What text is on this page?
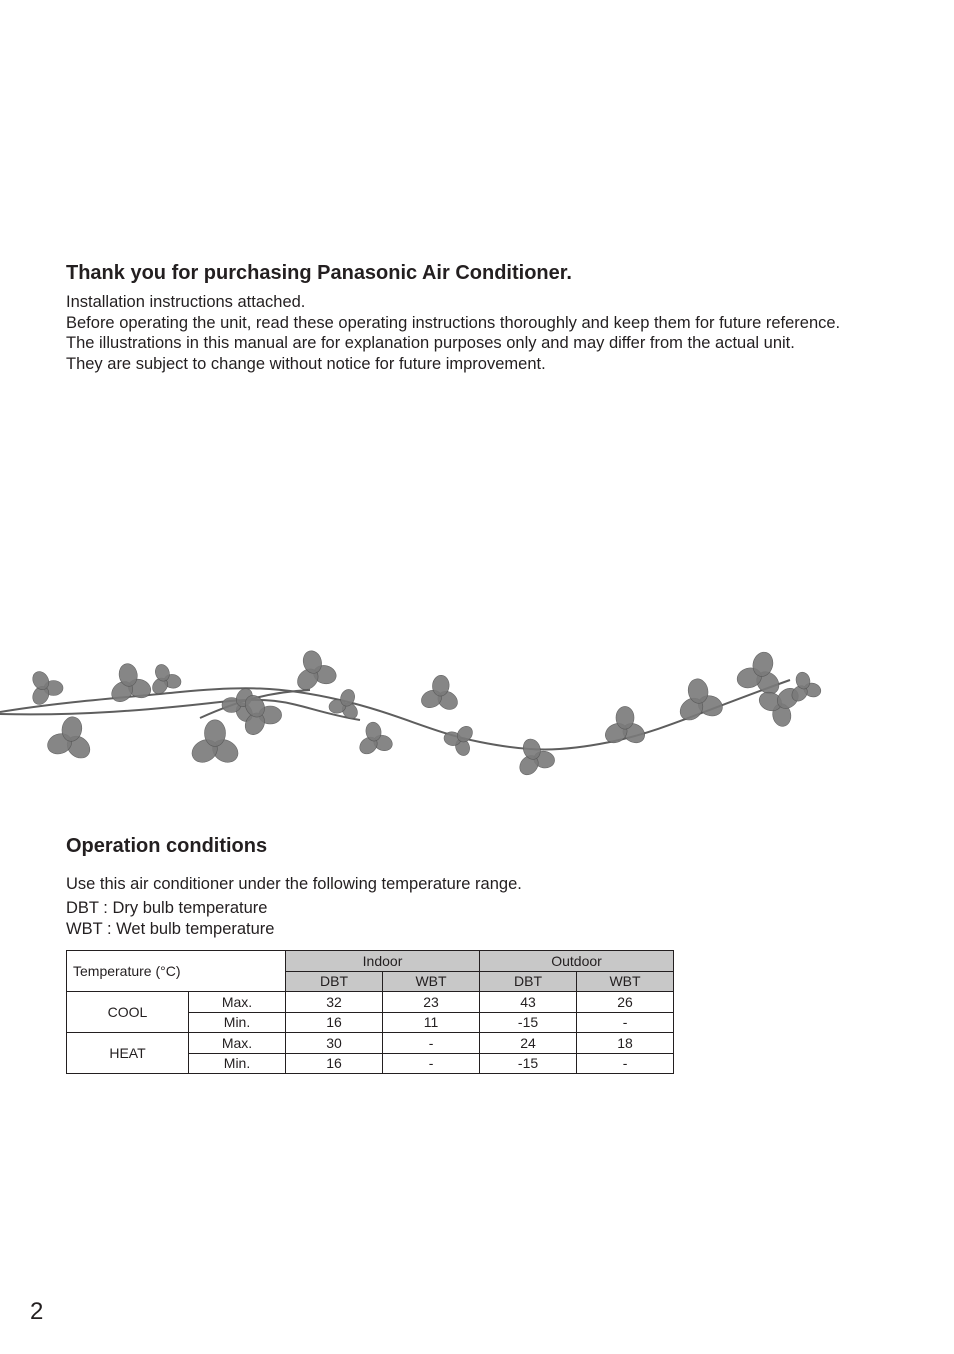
Thank you for purchasing Panasonic Air Conditioner.
Installation instructions attached.
Before operating the unit, read these operating instructions thoroughly and keep them for future reference.
The illustrations in this manual are for explanation purposes only and may differ from the actual unit.
They are subject to change without notice for future improvement.
Operation conditions
Use this air conditioner under the following temperature range.
DBT : Dry bulb temperature
WBT : Wet bulb temperature
Temperature (°C)		Indoor		Outdoor	
		DBT	WBT	DBT	WBT
COOL	Max.	32	23	43	26
	Min.	16	11	-15	-
HEAT	Max.	30	-	24	18
	Min.	16	-	-15	-
2
